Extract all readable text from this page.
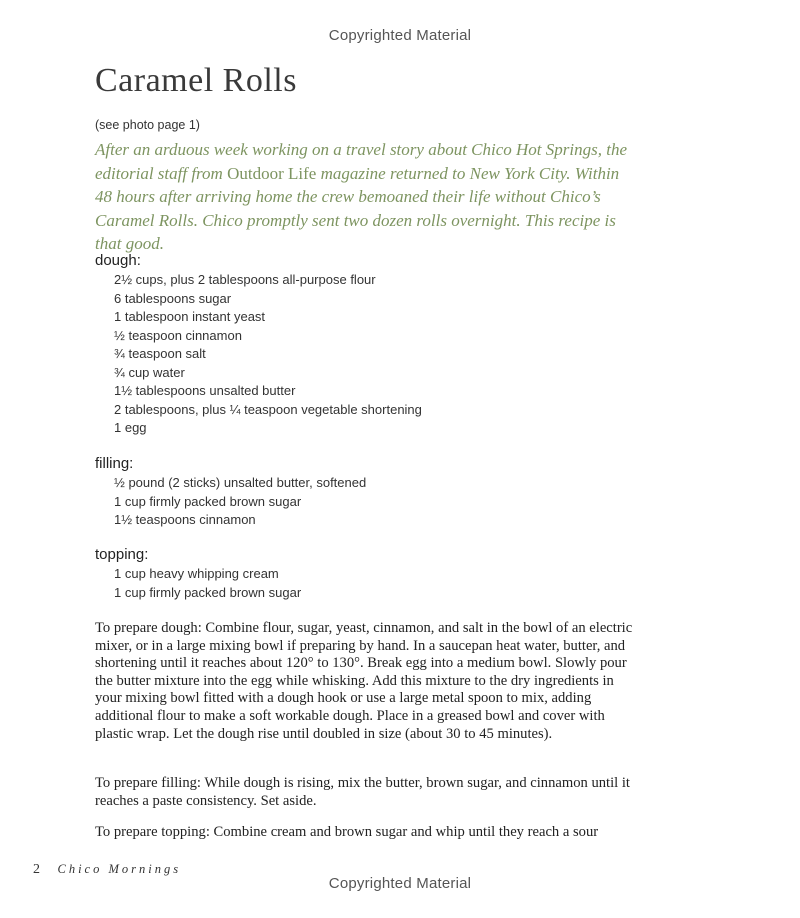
Copyrighted Material
Caramel Rolls
(see photo page 1)

After an arduous week working on a travel story about Chico Hot Springs, the editorial staff from Outdoor Life magazine returned to New York City. Within 48 hours after arriving home the crew bemoaned their life without Chico’s Caramel Rolls. Chico promptly sent two dozen rolls overnight. This recipe is that good.

dough:
2½ cups, plus 2 tablespoons all-purpose flour
6 tablespoons sugar
1 tablespoon instant yeast
½ teaspoon cinnamon
¾ teaspoon salt
¾ cup water
1½ tablespoons unsalted butter
2 tablespoons, plus ¼ teaspoon vegetable shortening
1 egg
filling:
½ pound (2 sticks) unsalted butter, softened
1 cup firmly packed brown sugar
1½ teaspoons cinnamon
topping:
1 cup heavy whipping cream
1 cup firmly packed brown sugar

To prepare dough: Combine flour, sugar, yeast, cinnamon, and salt in the bowl of an electric mixer, or in a large mixing bowl if preparing by hand. In a saucepan heat water, butter, and shortening until it reaches about 120° to 130°. Break egg into a medium bowl. Slowly pour the butter mixture into the egg while whisking. Add this mixture to the dry ingredients in your mixing bowl fitted with a dough hook or use a large metal spoon to mix, adding additional flour to make a soft workable dough. Place in a greased bowl and cover with plastic wrap. Let the dough rise until doubled in size (about 30 to 45 minutes).

To prepare filling: While dough is rising, mix the butter, brown sugar, and cinnamon until it reaches a paste consistency. Set aside.

To prepare topping: Combine cream and brown sugar and whip until they reach a sour

2 Chico Mornings
Copyrighted Material
